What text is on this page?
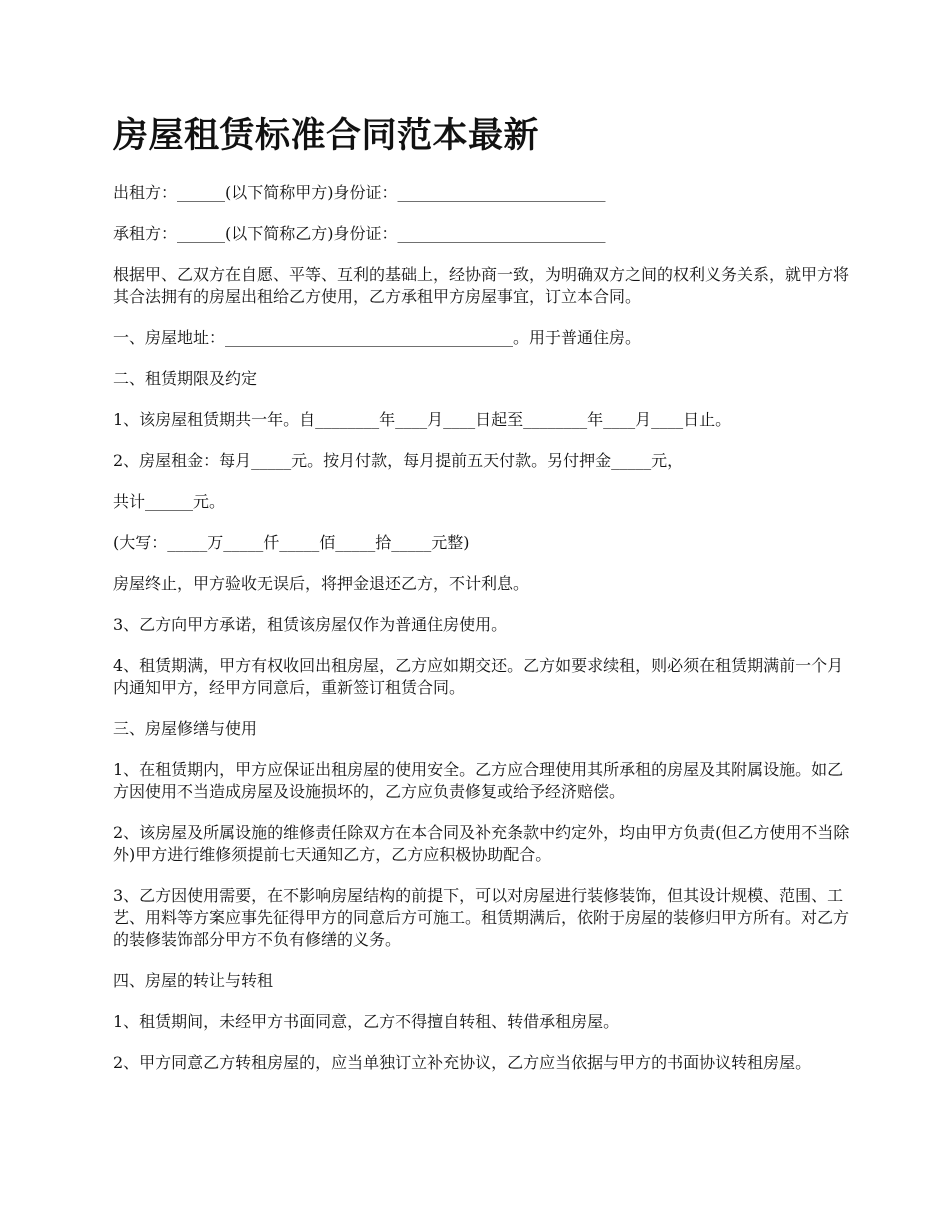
房屋租赁标准合同范本最新

出租方：______(以下简称甲方)身份证：__________________________

承租方：______(以下简称乙方)身份证：__________________________

根据甲、乙双方在自愿、平等、互利的基础上，经协商一致，为明确双方之间的权利义务关系，就甲方将其合法拥有的房屋出租给乙方使用，乙方承租甲方房屋事宜，订立本合同。

一、房屋地址：____________________________________。用于普通住房。

二、租赁期限及约定

1、该房屋租赁期共一年。自________年____月____日起至________年____月____日止。

2、房屋租金：每月_____元。按月付款，每月提前五天付款。另付押金_____元，

共计______元。

(大写：_____万_____仟_____佰_____拾_____元整)

房屋终止，甲方验收无误后，将押金退还乙方，不计利息。

3、乙方向甲方承诺，租赁该房屋仅作为普通住房使用。

4、租赁期满，甲方有权收回出租房屋，乙方应如期交还。乙方如要求续租，则必须在租赁期满前一个月内通知甲方，经甲方同意后，重新签订租赁合同。

三、房屋修缮与使用

1、在租赁期内，甲方应保证出租房屋的使用安全。乙方应合理使用其所承租的房屋及其附属设施。如乙方因使用不当造成房屋及设施损坏的，乙方应负责修复或给予经济赔偿。

2、该房屋及所属设施的维修责任除双方在本合同及补充条款中约定外，均由甲方负责(但乙方使用不当除外)甲方进行维修须提前七天通知乙方，乙方应积极协助配合。

3、乙方因使用需要，在不影响房屋结构的前提下，可以对房屋进行装修装饰，但其设计规模、范围、工艺、用料等方案应事先征得甲方的同意后方可施工。租赁期满后，依附于房屋的装修归甲方所有。对乙方的装修装饰部分甲方不负有修缮的义务。

四、房屋的转让与转租

1、租赁期间，未经甲方书面同意，乙方不得擅自转租、转借承租房屋。

2、甲方同意乙方转租房屋的，应当单独订立补充协议，乙方应当依据与甲方的书面协议转租房屋。
